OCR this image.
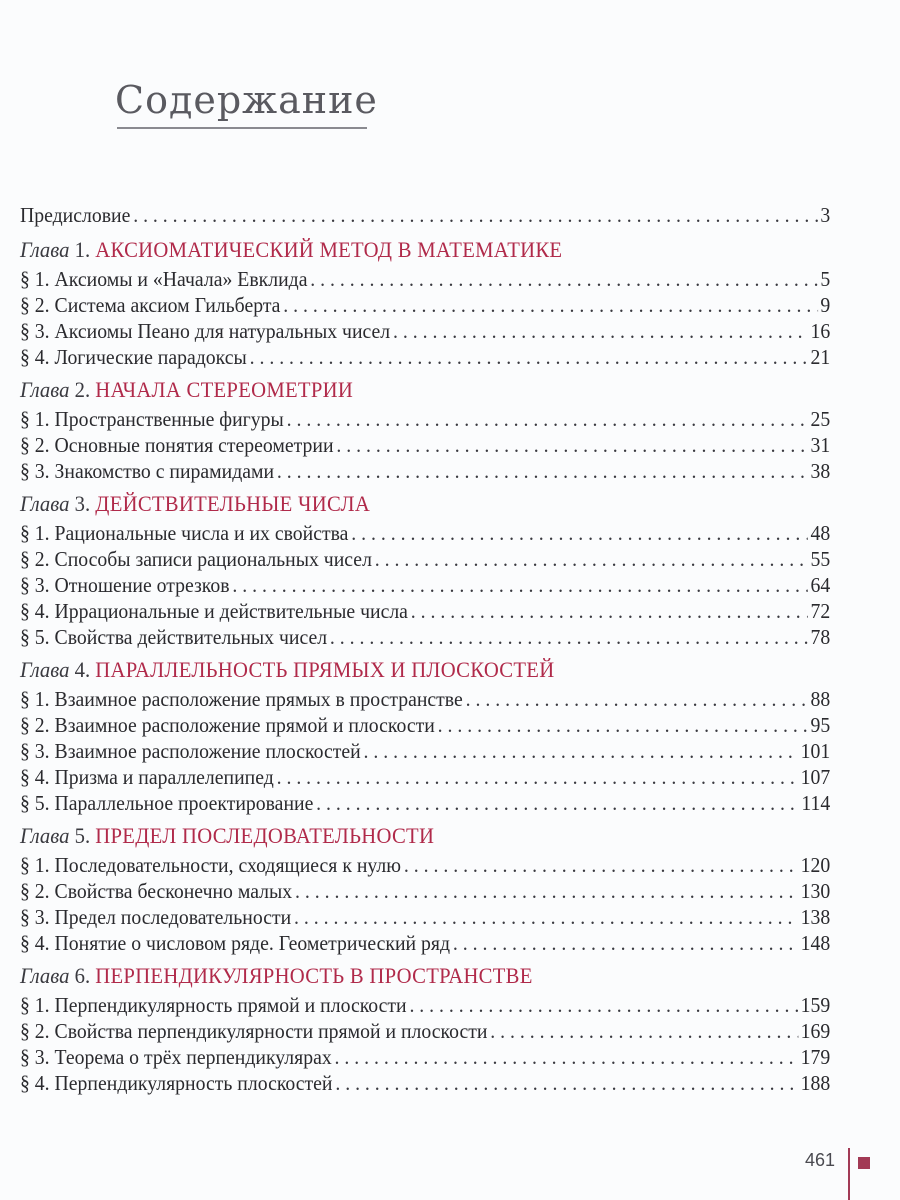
Содержание
Предисловие . . .	3
Глава 1. АКСИОМАТИЧЕСКИЙ МЕТОД В МАТЕМАТИКЕ
§ 1. Аксиомы и «Начала» Евклида . . .	5
§ 2. Система аксиом Гильберта . . .	9
§ 3. Аксиомы Пеано для натуральных чисел . . .	16
§ 4. Логические парадоксы . . .	21
Глава 2. НАЧАЛА СТЕРЕОМЕТРИИ
§ 1. Пространственные фигуры . . .	25
§ 2. Основные понятия стереометрии . . .	31
§ 3. Знакомство с пирамидами . . .	38
Глава 3. ДЕЙСТВИТЕЛЬНЫЕ ЧИСЛА
§ 1. Рациональные числа и их свойства . . .	48
§ 2. Способы записи рациональных чисел . . .	55
§ 3. Отношение отрезков . . .	64
§ 4. Иррациональные и действительные числа . . .	72
§ 5. Свойства действительных чисел . . .	78
Глава 4. ПАРАЛЛЕЛЬНОСТЬ ПРЯМЫХ И ПЛОСКОСТЕЙ
§ 1. Взаимное расположение прямых в пространстве . . .	88
§ 2. Взаимное расположение прямой и плоскости . . .	95
§ 3. Взаимное расположение плоскостей . . .	101
§ 4. Призма и параллелепипед . . .	107
§ 5. Параллельное проектирование . . .	114
Глава 5. ПРЕДЕЛ ПОСЛЕДОВАТЕЛЬНОСТИ
§ 1. Последовательности, сходящиеся к нулю . . .	120
§ 2. Свойства бесконечно малых . . .	130
§ 3. Предел последовательности . . .	138
§ 4. Понятие о числовом ряде. Геометрический ряд . . .	148
Глава 6. ПЕРПЕНДИКУЛЯРНОСТЬ В ПРОСТРАНСТВЕ
§ 1. Перпендикулярность прямой и плоскости . . .	159
§ 2. Свойства перпендикулярности прямой и плоскости . . .	169
§ 3. Теорема о трёх перпендикулярах . . .	179
§ 4. Перпендикулярность плоскостей . . .	188
461
